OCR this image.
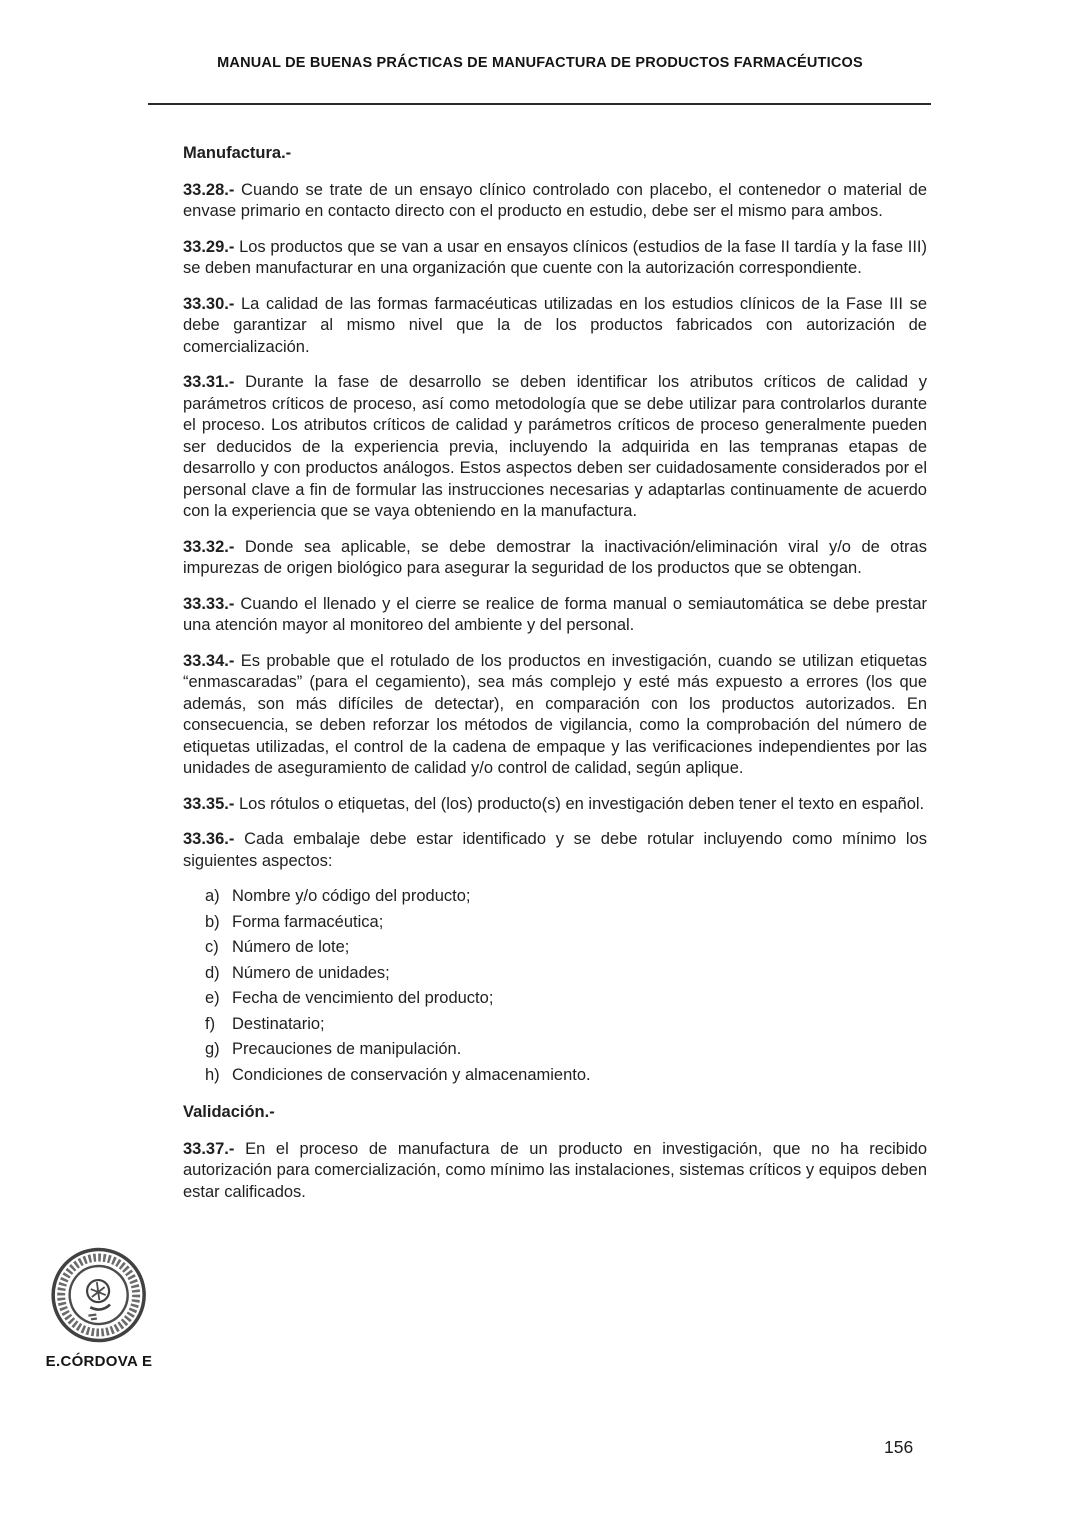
MANUAL DE BUENAS PRÁCTICAS DE MANUFACTURA DE PRODUCTOS FARMACÉUTICOS

Manufactura.-

33.28.- Cuando se trate de un ensayo clínico controlado con placebo, el contenedor o material de envase primario en contacto directo con el producto en estudio, debe ser el mismo para ambos.

33.29.- Los productos que se van a usar en ensayos clínicos (estudios de la fase II tardía y la fase III) se deben manufacturar en una organización que cuente con la autorización correspondiente.

33.30.- La calidad de las formas farmacéuticas utilizadas en los estudios clínicos de la Fase III se debe garantizar al mismo nivel que la de los productos fabricados con autorización de comercialización.

33.31.- Durante la fase de desarrollo se deben identificar los atributos críticos de calidad y parámetros críticos de proceso, así como metodología que se debe utilizar para controlarlos durante el proceso. Los atributos críticos de calidad y parámetros críticos de proceso generalmente pueden ser deducidos de la experiencia previa, incluyendo la adquirida en las tempranas etapas de desarrollo y con productos análogos. Estos aspectos deben ser cuidadosamente considerados por el personal clave a fin de formular las instrucciones necesarias y adaptarlas continuamente de acuerdo con la experiencia que se vaya obteniendo en la manufactura.

33.32.- Donde sea aplicable, se debe demostrar la inactivación/eliminación viral y/o de otras impurezas de origen biológico para asegurar la seguridad de los productos que se obtengan.

33.33.- Cuando el llenado y el cierre se realice de forma manual o semiautomática se debe prestar una atención mayor al monitoreo del ambiente y del personal.

33.34.- Es probable que el rotulado de los productos en investigación, cuando se utilizan etiquetas “enmascaradas” (para el cegamiento), sea más complejo y esté más expuesto a errores (los que además, son más difíciles de detectar), en comparación con los productos autorizados. En consecuencia, se deben reforzar los métodos de vigilancia, como la comprobación del número de etiquetas utilizadas, el control de la cadena de empaque y las verificaciones independientes por las unidades de aseguramiento de calidad y/o control de calidad, según aplique.

33.35.- Los rótulos o etiquetas, del (los) producto(s) en investigación deben tener el texto en español.

33.36.- Cada embalaje debe estar identificado y se debe rotular incluyendo como mínimo los siguientes aspectos:

a) Nombre y/o código del producto;
b) Forma farmacéutica;
c) Número de lote;
d) Número de unidades;
e) Fecha de vencimiento del producto;
f)	Destinatario;
g) Precauciones de manipulación.
h) Condiciones de conservación y almacenamiento.

Validación.-

33.37.- En el proceso de manufactura de un producto en investigación, que no ha recibido autorización para comercialización, como mínimo las instalaciones, sistemas críticos y equipos deben estar calificados.

E.CÓRDOVA E
156
